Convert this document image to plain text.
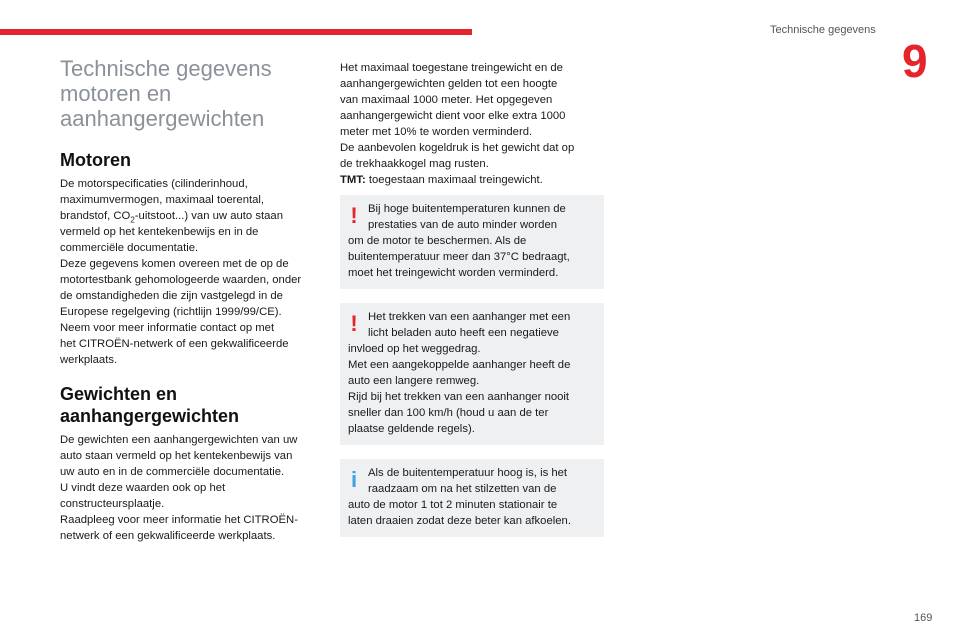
Technische gegevens
9
169
Technische gegevens
motoren en
aanhangergewichten
Motoren

De motorspecificaties (cilinderinhoud,
maximumvermogen, maximaal toerental,
brandstof, $CO_2-uitstoot$...) van uw auto staan
vermeld op het kentekenbewijs en in de
commerciële documentatie.
Deze gegevens komen overeen met de op de
motortestbank gehomologeerde waarden, onder
de omstandigheden die zijn vastgelegd in de
Europese regelgeving (richtlijn 1999/99/CE).
Neem voor meer informatie contact op met
het CITROËN-netwerk of een gekwalificeerde
werkplaats.

Gewichten en
aanhangergewichten

De gewichten een aanhangergewichten van uw
auto staan vermeld op het kentekenbewijs van
uw auto en in de commerciële documentatie.
U vindt deze waarden ook op het
constructeursplaatje.
Raadpleeg voor meer informatie het CITROËN-
netwerk of een gekwalificeerde werkplaats.

Het maximaal toegestane treingewicht en de
aanhangergewichten gelden tot een hoogte
van maximaal 1000 meter. Het opgegeven
aanhangergewicht dient voor elke extra 1000
meter met 10% te worden verminderd.
De aanbevolen kogeldruk is het gewicht dat op
de trekhaakkogel mag rusten.
TMT: toegestaan maximaal treingewicht.

! Bij hoge buitentemperaturen kunnen de
prestaties van de auto minder worden
om de motor te beschermen. Als de
buitentemperatuur meer dan 37°C bedraagt,
moet het treingewicht worden verminderd.

! Het trekken van een aanhanger met een
licht beladen auto heeft een negatieve
invloed op het weggedrag.
Met een aangekoppelde aanhanger heeft de
auto een langere remweg.
Rijd bij het trekken van een aanhanger nooit
sneller dan 100 km/h (houd u aan de ter
plaatse geldende regels).

i Als de buitentemperatuur hoog is, is het
raadzaam om na het stilzetten van de
auto de motor 1 tot 2 minuten stationair te
laten draaien zodat deze beter kan afkoelen.
